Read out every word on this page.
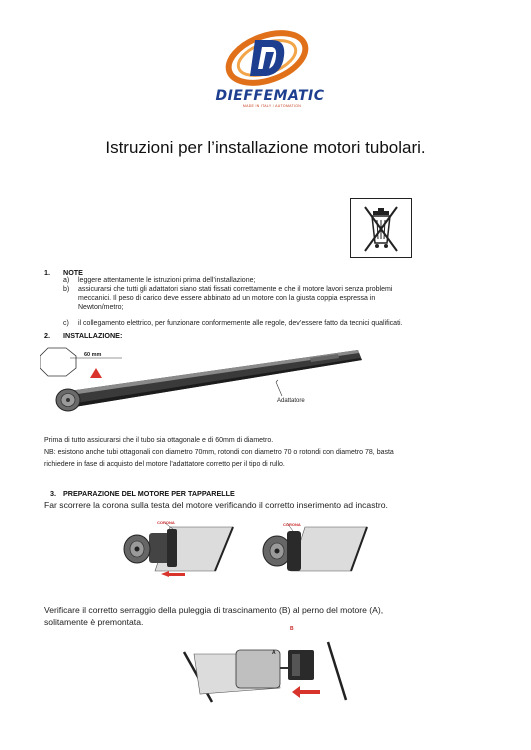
DIEFFEMATIC
MADE IN ITALY / AUTOMATION
Istruzioni per l’installazione motori tubolari.
1. NOTE
a) leggere attentamente le istruzioni prima dell’installazione;
b) assicurarsi che tutti gli adattatori siano stati fissati correttamente e che il motore lavori senza problemi
meccanici. Il peso di carico deve essere abbinato ad un motore con la giusta coppia espressa in
Newton/metro;
c) il collegamento elettrico, per funzionare conformemente alle regole, dev’essere fatto da tecnici qualificati.
2. INSTALLAZIONE:
60 mm
Adattatore
Prima di tutto assicurarsi che il tubo sia ottagonale e di 60mm di diametro.
NB: esistono anche tubi ottagonali con diametro 70mm, rotondi con diametro 70 o rotondi con diametro 78, basta
richiedere in fase di acquisto del motore l’adattatore corretto per il tipo di rullo.
3. PREPARAZIONE DEL MOTORE PER TAPPARELLE
Far scorrere la corona sulla testa del motore verificando il corretto inserimento ad incastro.
CORONA	CORONA
Verificare il corretto serraggio della puleggia di trascinamento (B) al perno del motore (A),
solitamente è premontata.
B
A
